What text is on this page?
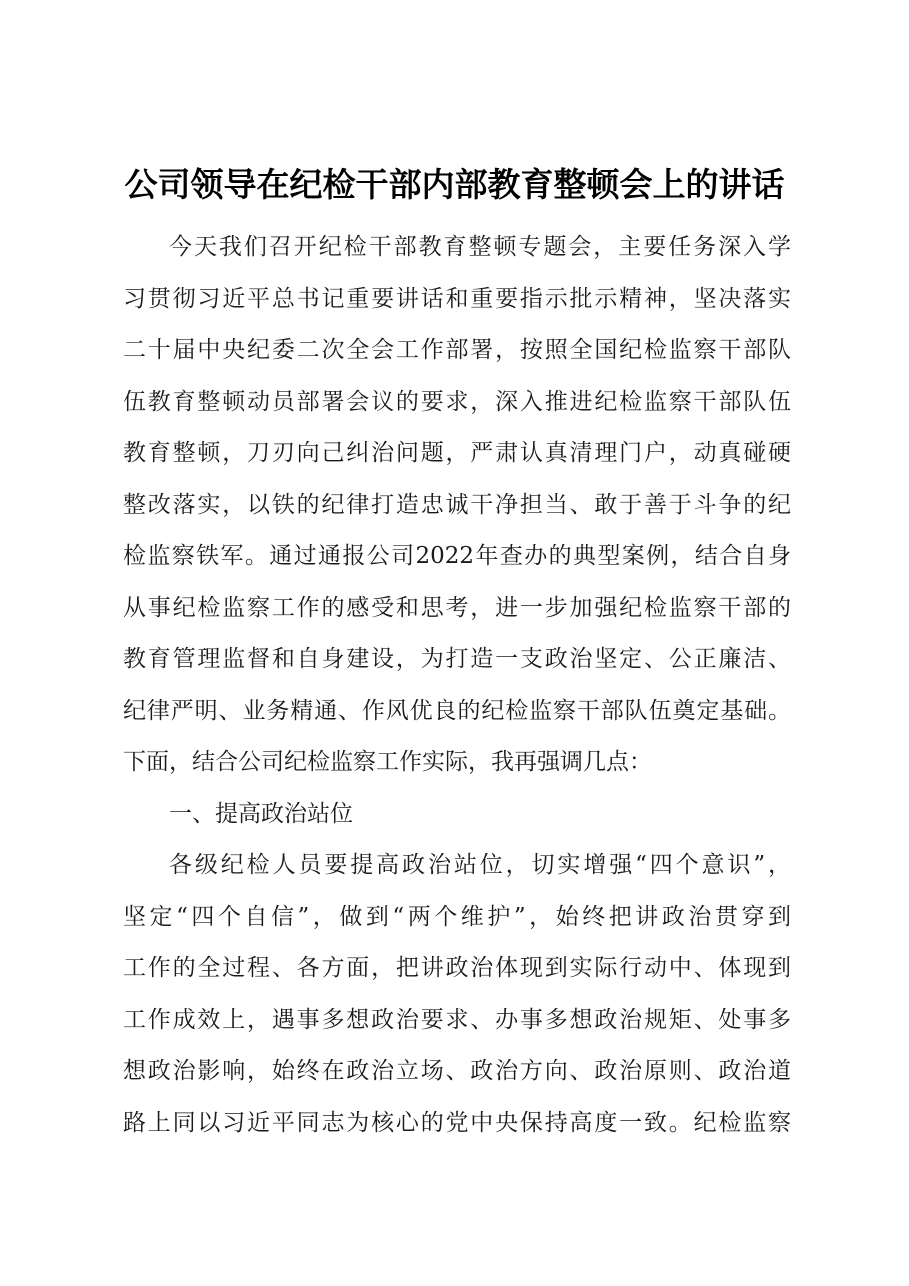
公司领导在纪检干部内部教育整顿会上的讲话
今天我们召开纪检干部教育整顿专题会，主要任务深入学
习贯彻习近平总书记重要讲话和重要指示批示精神，坚决落实
二十届中央纪委二次全会工作部署，按照全国纪检监察干部队
伍教育整顿动员部署会议的要求，深入推进纪检监察干部队伍
教育整顿，刀刃向己纠治问题，严肃认真清理门户，动真碰硬
整改落实，以铁的纪律打造忠诚干净担当、敢于善于斗争的纪
检监察铁军。通过通报公司2022年查办的典型案例，结合自身
从事纪检监察工作的感受和思考，进一步加强纪检监察干部的
教育管理监督和自身建设，为打造一支政治坚定、公正廉洁、
纪律严明、业务精通、作风优良的纪检监察干部队伍奠定基础。
下面，结合公司纪检监察工作实际，我再强调几点：
一、提高政治站位
各级纪检人员要提高政治站位，切实增强“四个意识”，
坚定“四个自信”，做到“两个维护”，始终把讲政治贯穿到
工作的全过程、各方面，把讲政治体现到实际行动中、体现到
工作成效上，遇事多想政治要求、办事多想政治规矩、处事多
想政治影响，始终在政治立场、政治方向、政治原则、政治道
路上同以习近平同志为核心的党中央保持高度一致。纪检监察
